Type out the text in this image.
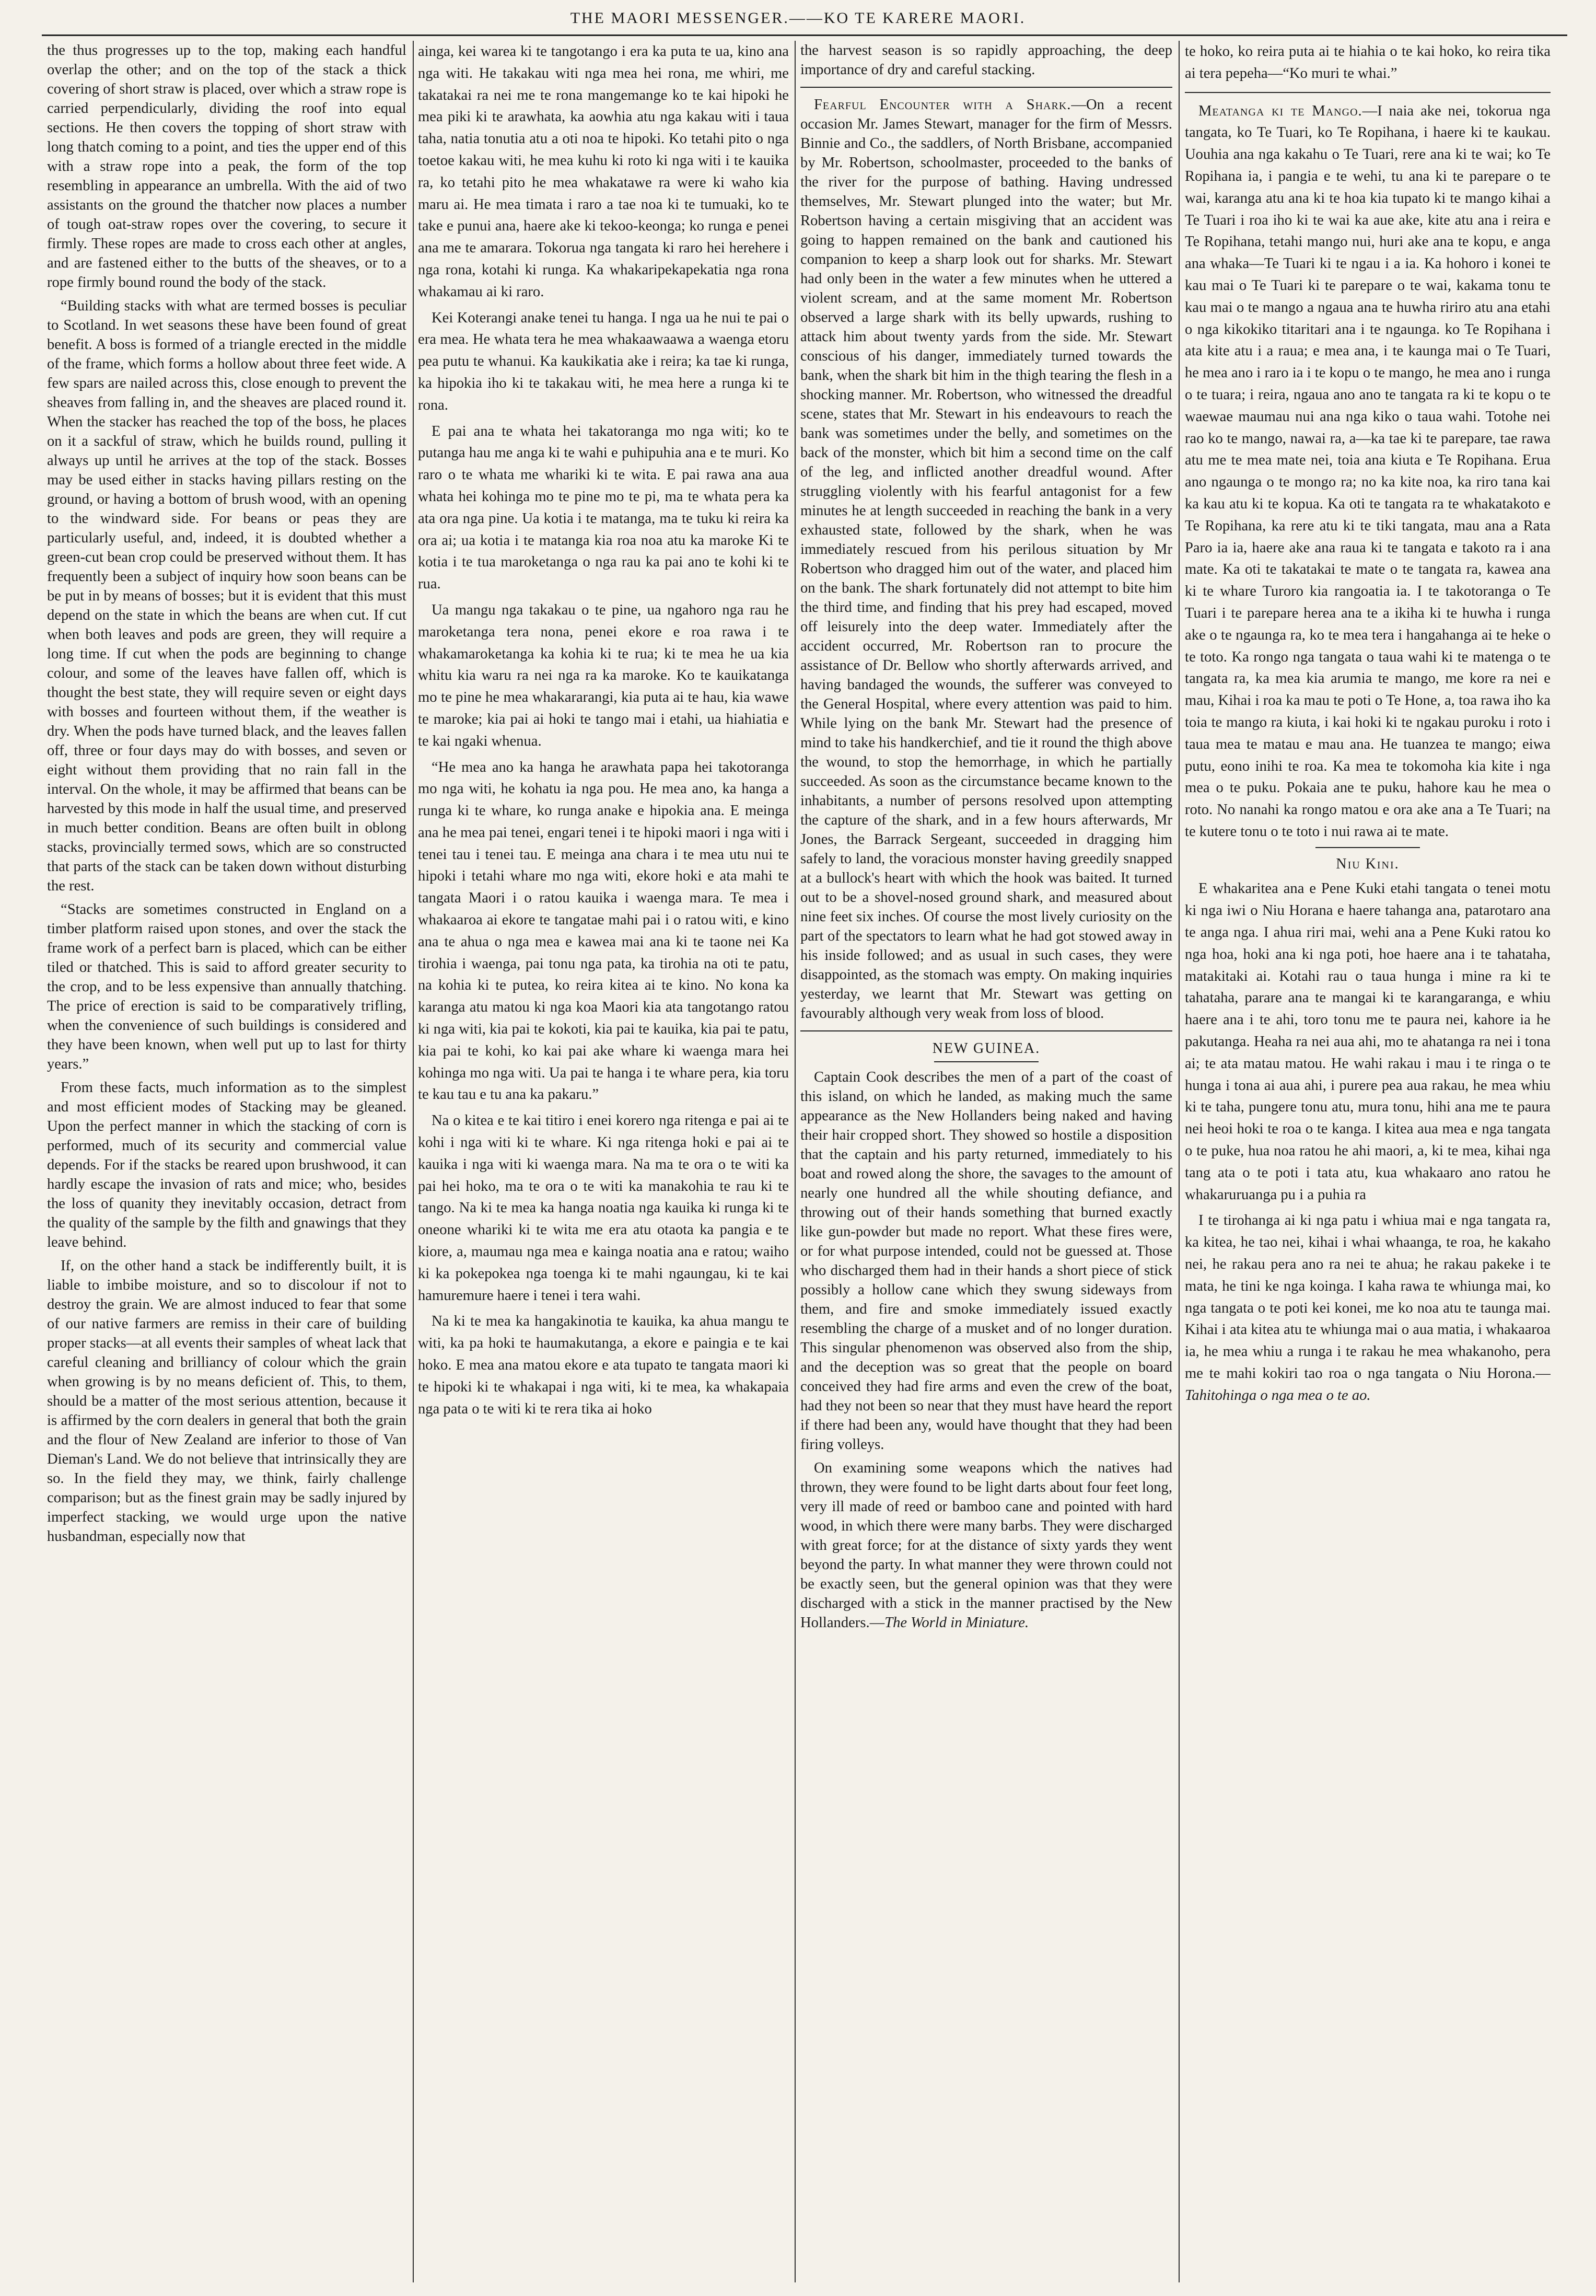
THE MAORI MESSENGER.——KO TE KARERE MAORI.

the thus progresses up to the top, making each handful overlap the other; and on the top of the stack a thick covering of short straw is placed, over which a straw rope is carried perpendicularly, dividing the roof into equal sections. He then covers the topping of short straw with long thatch coming to a point, and ties the upper end of this with a straw rope into a peak, the form of the top resembling in appearance an umbrella. With the aid of two assistants on the ground the thatcher now places a number of tough oat-straw ropes over the covering, to secure it firmly. These ropes are made to cross each other at angles, and are fastened either to the butts of the sheaves, or to a rope firmly bound round the body of the stack.

“Building stacks with what are termed bosses is peculiar to Scotland. In wet seasons these have been found of great benefit. A boss is formed of a triangle erected in the middle of the frame, which forms a hollow about three feet wide. A few spars are nailed across this, close enough to prevent the sheaves from falling in, and the sheaves are placed round it. When the stacker has reached the top of the boss, he places on it a sackful of straw, which he builds round, pulling it always up until he arrives at the top of the stack. Bosses may be used either in stacks having pillars resting on the ground, or having a bottom of brush wood, with an opening to the windward side. For beans or peas they are particularly useful, and, indeed, it is doubted whether a green-cut bean crop could be preserved without them. It has frequently been a subject of inquiry how soon beans can be be put in by means of bosses; but it is evident that this must depend on the state in which the beans are when cut. If cut when both leaves and pods are green, they will require a long time. If cut when the pods are beginning to change colour, and some of the leaves have fallen off, which is thought the best state, they will require seven or eight days with bosses and fourteen without them, if the weather is dry. When the pods have turned black, and the leaves fallen off, three or four days may do with bosses, and seven or eight without them providing that no rain fall in the interval. On the whole, it may be affirmed that beans can be harvested by this mode in half the usual time, and preserved in much better condition. Beans are often built in oblong stacks, provincially termed sows, which are so constructed that parts of the stack can be taken down without disturbing the rest.

“Stacks are sometimes constructed in England on a timber platform raised upon stones, and over the stack the frame work of a perfect barn is placed, which can be either tiled or thatched. This is said to afford greater security to the crop, and to be less expensive than annually thatching. The price of erection is said to be comparatively trifling, when the convenience of such buildings is considered and they have been known, when well put up to last for thirty years.”

From these facts, much information as to the simplest and most efficient modes of Stacking may be gleaned. Upon the perfect manner in which the stacking of corn is performed, much of its security and commercial value depends. For if the stacks be reared upon brushwood, it can hardly escape the invasion of rats and mice; who, besides the loss of quanity they inevitably occasion, detract from the quality of the sample by the filth and gnawings that they leave behind.

If, on the other hand a stack be indifferently built, it is liable to imbibe moisture, and so to discolour if not to destroy the grain. We are almost induced to fear that some of our native farmers are remiss in their care of building proper stacks—at all events their samples of wheat lack that careful cleaning and brilliancy of colour which the grain when growing is by no means deficient of. This, to them, should be a matter of the most serious attention, because it is affirmed by the corn dealers in general that both the grain and the flour of New Zealand are inferior to those of Van Dieman's Land. We do not believe that intrinsically they are so. In the field they may, we think, fairly challenge comparison; but as the finest grain may be sadly injured by imperfect stacking, we would urge upon the native husbandman, especially now that

ainga, kei warea ki te tangotango i era ka puta te ua, kino ana nga witi. He takakau witi nga mea hei rona, me whiri, me takatakai ra nei me te rona mangemange ko te kai hipoki he mea piki ki te arawhata, ka aowhia atu nga kakau witi i taua taha, natia tonutia atu a oti noa te hipoki. Ko tetahi pito o nga toetoe kakau witi, he mea kuhu ki roto ki nga witi i te kauika ra, ko tetahi pito he mea whakatawe ra were ki waho kia maru ai. He mea timata i raro a tae noa ki te tumuaki, ko te take e punui ana, haere ake ki tekoo-keonga; ko runga e penei ana me te amarara. Tokorua nga tangata ki raro hei herehere i nga rona, kotahi ki runga. Ka whakaripekapekatia nga rona whakamau ai ki raro.

Kei Koterangi anake tenei tu hanga. I nga ua he nui te pai o era mea. He whata tera he mea whakaawaawa a waenga etoru pea putu te whanui. Ka kaukikatia ake i reira; ka tae ki runga, ka hipokia iho ki te takakau witi, he mea here a runga ki te rona.

E pai ana te whata hei takatoranga mo nga witi; ko te putanga hau me anga ki te wahi e puhipuhia ana e te muri. Ko raro o te whata me whariki ki te wita. E pai rawa ana aua whata hei kohinga mo te pine mo te pi, ma te whata pera ka ata ora nga pine. Ua kotia i te matanga, ma te tuku ki reira ka ora ai; ua kotia i te matanga kia roa noa atu ka maroke Ki te kotia i te tua maroketanga o nga rau ka pai ano te kohi ki te rua.

Ua mangu nga takakau o te pine, ua ngahoro nga rau he maroketanga tera nona, penei ekore e roa rawa i te whakamaroketanga ka kohia ki te rua; ki te mea he ua kia whitu kia waru ra nei nga ra ka maroke. Ko te kauikatanga mo te pine he mea whakararangi, kia puta ai te hau, kia wawe te maroke; kia pai ai hoki te tango mai i etahi, ua hiahiatia e te kai ngaki whenua.

“He mea ano ka hanga he arawhata papa hei takotoranga mo nga witi, he kohatu ia nga pou. He mea ano, ka hanga a runga ki te whare, ko runga anake e hipokia ana. E meinga ana he mea pai tenei, engari tenei i te hipoki maori i nga witi i tenei tau i tenei tau. E meinga ana chara i te mea utu nui te hipoki i tetahi whare mo nga witi, ekore hoki e ata mahi te tangata Maori i o ratou kauika i waenga mara. Te mea i whakaaroa ai ekore te tangatae mahi pai i o ratou witi, e kino ana te ahua o nga mea e kawea mai ana ki te taone nei Ka tirohia i waenga, pai tonu nga pata, ka tirohia na oti te patu, na kohia ki te putea, ko reira kitea ai te kino. No kona ka karanga atu matou ki nga koa Maori kia ata tangotango ratou ki nga witi, kia pai te kokoti, kia pai te kauika, kia pai te patu, kia pai te kohi, ko kai pai ake whare ki waenga mara hei kohinga mo nga witi. Ua pai te hanga i te whare pera, kia toru te kau tau e tu ana ka pakaru.”

Na o kitea e te kai titiro i enei korero nga ritenga e pai ai te kohi i nga witi ki te whare. Ki nga ritenga hoki e pai ai te kauika i nga witi ki waenga mara. Na ma te ora o te witi ka pai hei hoko, ma te ora o te witi ka manakohia te rau ki te tango. Na ki te mea ka hanga noatia nga kauika ki runga ki te oneone whariki ki te wita me era atu otaota ka pangia e te kiore, a, maumau nga mea e kainga noatia ana e ratou; waiho ki ka pokepokea nga toenga ki te mahi ngaungau, ki te kai hamuremure haere i tenei i tera wahi.

Na ki te mea ka hangakinotia te kauika, ka ahua mangu te witi, ka pa hoki te haumakutanga, a ekore e paingia e te kai hoko. E mea ana matou ekore e ata tupato te tangata maori ki te hipoki ki te whakapai i nga witi, ki te mea, ka whakapaia nga pata o te witi ki te rera tika ai hoko

the harvest season is so rapidly approaching, the deep importance of dry and careful stacking.

Fearful Encounter with a Shark.—On a recent occasion Mr. James Stewart, manager for the firm of Messrs. Binnie and Co., the saddlers, of North Brisbane, accompanied by Mr. Robertson, schoolmaster, proceeded to the banks of the river for the purpose of bathing. Having undressed themselves, Mr. Stewart plunged into the water; but Mr. Robertson having a certain misgiving that an accident was going to happen remained on the bank and cautioned his companion to keep a sharp look out for sharks. Mr. Stewart had only been in the water a few minutes when he uttered a violent scream, and at the same moment Mr. Robertson observed a large shark with its belly upwards, rushing to attack him about twenty yards from the side. Mr. Stewart conscious of his danger, immediately turned towards the bank, when the shark bit him in the thigh tearing the flesh in a shocking manner. Mr. Robertson, who witnessed the dreadful scene, states that Mr. Stewart in his endeavours to reach the bank was sometimes under the belly, and sometimes on the back of the monster, which bit him a second time on the calf of the leg, and inflicted another dreadful wound. After struggling violently with his fearful antagonist for a few minutes he at length succeeded in reaching the bank in a very exhausted state, followed by the shark, when he was immediately rescued from his perilous situation by Mr Robertson who dragged him out of the water, and placed him on the bank. The shark fortunately did not attempt to bite him the third time, and finding that his prey had escaped, moved off leisurely into the deep water. Immediately after the accident occurred, Mr. Robertson ran to procure the assistance of Dr. Bellow who shortly afterwards arrived, and having bandaged the wounds, the sufferer was conveyed to the General Hospital, where every attention was paid to him. While lying on the bank Mr. Stewart had the presence of mind to take his handkerchief, and tie it round the thigh above the wound, to stop the hemorrhage, in which he partially succeeded. As soon as the circumstance became known to the inhabitants, a number of persons resolved upon attempting the capture of the shark, and in a few hours afterwards, Mr Jones, the Barrack Sergeant, succeeded in dragging him safely to land, the voracious monster having greedily snapped at a bullock's heart with which the hook was baited. It turned out to be a shovel-nosed ground shark, and measured about nine feet six inches. Of course the most lively curiosity on the part of the spectators to learn what he had got stowed away in his inside followed; and as usual in such cases, they were disappointed, as the stomach was empty. On making inquiries yesterday, we learnt that Mr. Stewart was getting on favourably although very weak from loss of blood.

NEW GUINEA.

Captain Cook describes the men of a part of the coast of this island, on which he landed, as making much the same appearance as the New Hollanders being naked and having their hair cropped short. They showed so hostile a disposition that the captain and his party returned, immediately to his boat and rowed along the shore, the savages to the amount of nearly one hundred all the while shouting defiance, and throwing out of their hands something that burned exactly like gun-powder but made no report. What these fires were, or for what purpose intended, could not be guessed at. Those who discharged them had in their hands a short piece of stick possibly a hollow cane which they swung sideways from them, and fire and smoke immediately issued exactly resembling the charge of a musket and of no longer duration. This singular phenomenon was observed also from the ship, and the deception was so great that the people on board conceived they had fire arms and even the crew of the boat, had they not been so near that they must have heard the report if there had been any, would have thought that they had been firing volleys.

On examining some weapons which the natives had thrown, they were found to be light darts about four feet long, very ill made of reed or bamboo cane and pointed with hard wood, in which there were many barbs. They were discharged with great force; for at the distance of sixty yards they went beyond the party. In what manner they were thrown could not be exactly seen, but the general opinion was that they were discharged with a stick in the manner practised by the New Hollanders.—The World in Miniature.

te hoko, ko reira puta ai te hiahia o te kai hoko, ko reira tika ai tera pepeha—“Ko muri te whai.”

Meatanga ki te Mango.—I naia ake nei, tokorua nga tangata, ko Te Tuari, ko Te Ropihana, i haere ki te kaukau. Uouhia ana nga kakahu o Te Tuari, rere ana ki te wai; ko Te Ropihana ia, i pangia e te wehi, tu ana ki te parepare o te wai, karanga atu ana ki te hoa kia tupato ki te mango kihai a Te Tuari i roa iho ki te wai ka aue ake, kite atu ana i reira e Te Ropihana, tetahi mango nui, huri ake ana te kopu, e anga ana whaka—Te Tuari ki te ngau i a ia. Ka hohoro i konei te kau mai o Te Tuari ki te parepare o te wai, kakama tonu te kau mai o te mango a ngaua ana te huwha ririro atu ana etahi o nga kikokiko titaritari ana i te ngaunga. ko Te Ropihana i ata kite atu i a raua; e mea ana, i te kaunga mai o Te Tuari, he mea ano i raro ia i te kopu o te mango, he mea ano i runga o te tuara; i reira, ngaua ano ano te tangata ra ki te kopu o te waewae maumau nui ana nga kiko o taua wahi. Totohe nei rao ko te mango, nawai ra, a—ka tae ki te parepare, tae rawa atu me te mea mate nei, toia ana kiuta e Te Ropihana. Erua ano ngaunga o te mongo ra; no ka kite noa, ka riro tana kai ka kau atu ki te kopua. Ka oti te tangata ra te whakatakoto e Te Ropihana, ka rere atu ki te tiki tangata, mau ana a Rata Paro ia ia, haere ake ana raua ki te tangata e takoto ra i ana mate. Ka oti te takatakai te mate o te tangata ra, kawea ana ki te whare Turoro kia rangoatia ia. I te takotoranga o Te Tuari i te parepare herea ana te a ikiha ki te huwha i runga ake o te ngaunga ra, ko te mea tera i hangahanga ai te heke o te toto. Ka rongo nga tangata o taua wahi ki te matenga o te tangata ra, ka mea kia arumia te mango, me kore ra nei e mau, Kihai i roa ka mau te poti o Te Hone, a, toa rawa iho ka toia te mango ra kiuta, i kai hoki ki te ngakau puroku i roto i taua mea te matau e mau ana. He tuanzea te mango; eiwa putu, eono inihi te roa. Ka mea te tokomoha kia kite i nga mea o te puku. Pokaia ane te puku, hahore kau he mea o roto. No nanahi ka rongo matou e ora ake ana a Te Tuari; na te kutere tonu o te toto i nui rawa ai te mate.

Niu Kini.

E whakaritea ana e Pene Kuki etahi tangata o tenei motu ki nga iwi o Niu Horana e haere tahanga ana, patarotaro ana te anga nga. I ahua riri mai, wehi ana a Pene Kuki ratou ko nga hoa, hoki ana ki nga poti, hoe haere ana i te tahataha, matakitaki ai. Kotahi rau o taua hunga i mine ra ki te tahataha, parare ana te mangai ki te karangaranga, e whiu haere ana i te ahi, toro tonu me te paura nei, kahore ia he pakutanga. Heaha ra nei aua ahi, mo te ahatanga ra nei i tona ai; te ata matau matou. He wahi rakau i mau i te ringa o te hunga i tona ai aua ahi, i purere pea aua rakau, he mea whiu ki te taha, pungere tonu atu, mura tonu, hihi ana me te paura nei heoi hoki te roa o te kanga. I kitea aua mea e nga tangata o te puke, hua noa ratou he ahi maori, a, ki te mea, kihai nga tang ata o te poti i tata atu, kua whakaaro ano ratou he whakaruruanga pu i a puhia ra

I te tirohanga ai ki nga patu i whiua mai e nga tangata ra, ka kitea, he tao nei, kihai i whai whaanga, te roa, he kakaho nei, he rakau pera ano ra nei te ahua; he rakau pakeke i te mata, he tini ke nga koinga. I kaha rawa te whiunga mai, ko nga tangata o te poti kei konei, me ko noa atu te taunga mai. Kihai i ata kitea atu te whiunga mai o aua matia, i whakaaroa ia, he mea whiu a runga i te rakau he mea whakanoho, pera me te mahi kokiri tao roa o nga tangata o Niu Horona.—Tahitohinga o nga mea o te ao.
